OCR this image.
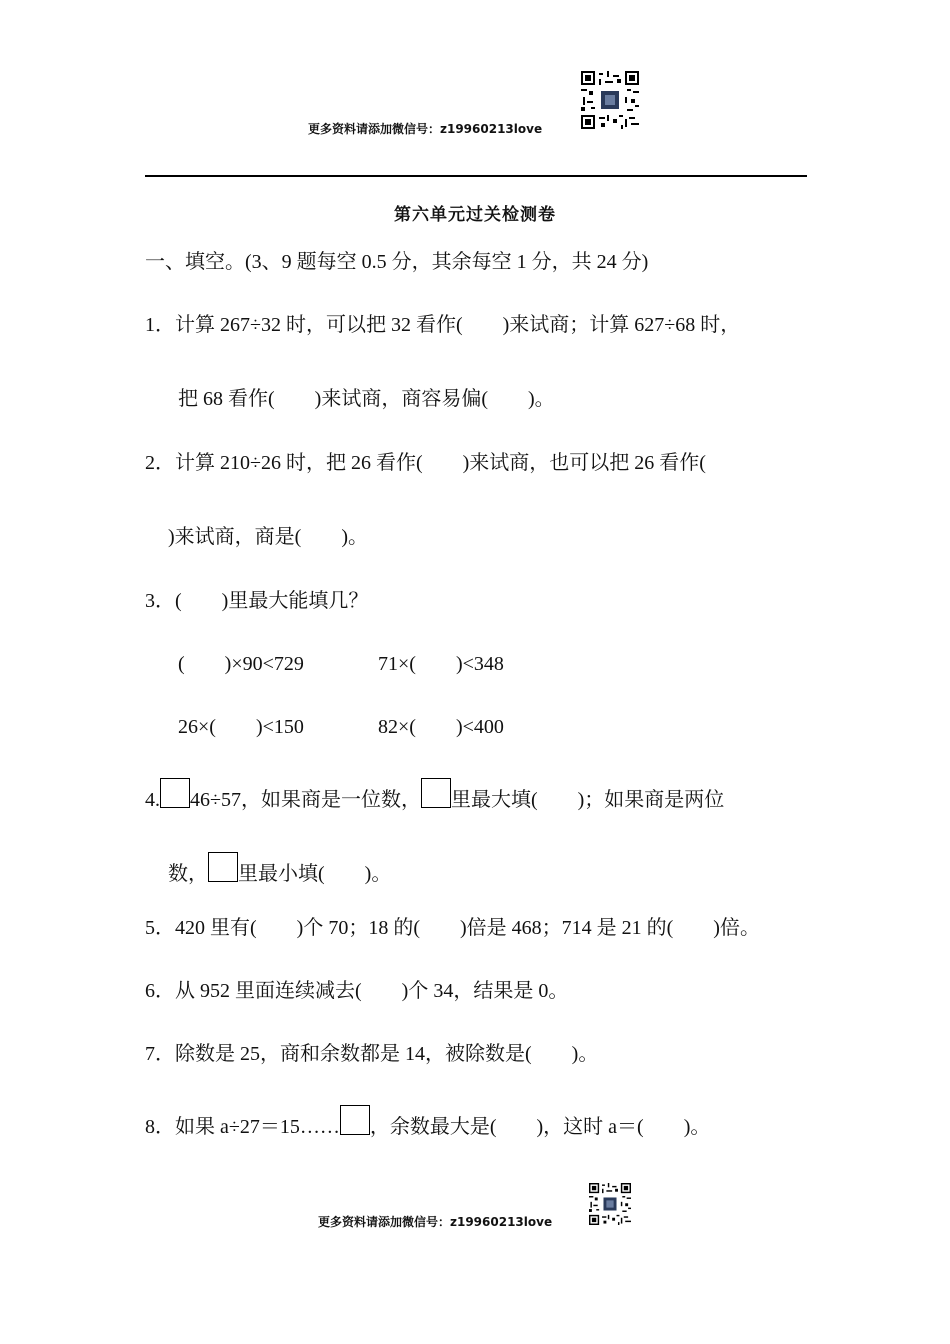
更多资料请添加微信号：z19960213love
第六单元过关检测卷
一、填空。(3、9 题每空 0.5 分，其余每空 1 分，共 24 分)
1．计算 267÷32 时，可以把 32 看作(　　)来试商；计算 627÷68 时，
把 68 看作(　　)来试商，商容易偏(　　)。
2．计算 210÷26 时，把 26 看作(　　)来试商，也可以把 26 看作(
)来试商，商是(　　)。
3．(　　)里最大能填几？
(　　)×90<729	71×(　　)<348
26×(　　)<150	82×(　　)<400
4. 46÷57，如果商是一位数， 里最大填(　　)；如果商是两位
数， 里最小填(　　)。
5．420 里有(　　)个 70；18 的(　　)倍是 468；714 是 21 的(　　)倍。
6．从 952 里面连续减去(　　)个 34，结果是 0。
7．除数是 25，商和余数都是 14，被除数是(　　)。
8．如果 a÷27＝15…… ，余数最大是(　　)，这时 a＝(　　)。
更多资料请添加微信号：z19960213love
